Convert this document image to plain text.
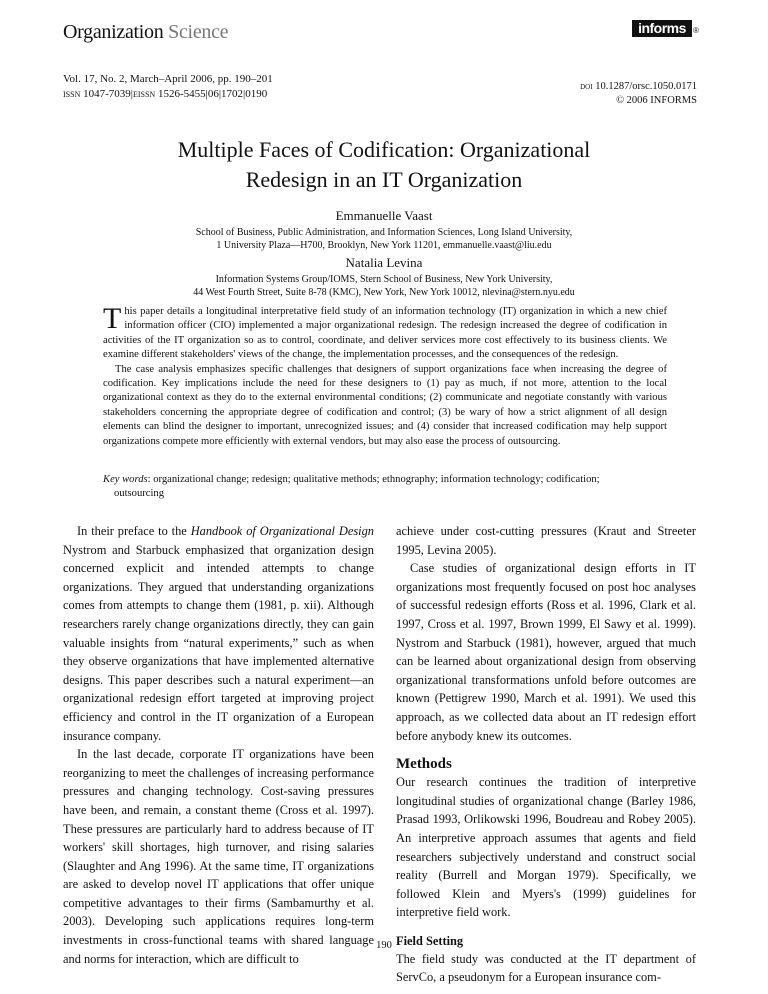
Organization Science
Vol. 17, No. 2, March–April 2006, pp. 190–201
issn 1047-7039|eissn 1526-5455|06|1702|0190
informs ®
doi 10.1287/orsc.1050.0171
© 2006 INFORMS
Multiple Faces of Codification: Organizational
Redesign in an IT Organization
Emmanuelle Vaast
School of Business, Public Administration, and Information Sciences, Long Island University,
1 University Plaza—H700, Brooklyn, New York 11201, emmanuelle.vaast@liu.edu
Natalia Levina
Information Systems Group/IOMS, Stern School of Business, New York University,
44 West Fourth Street, Suite 8-78 (KMC), New York, New York 10012, nlevina@stern.nyu.edu

This paper details a longitudinal interpretative field study of an information technology (IT) organization in which a new chief information officer (CIO) implemented a major organizational redesign. The redesign increased the degree of codification in activities of the IT organization so as to control, coordinate, and deliver services more cost effectively to its business clients. We examine different stakeholders' views of the change, the implementation processes, and the consequences of the redesign.

The case analysis emphasizes specific challenges that designers of support organizations face when increasing the degree of codification. Key implications include the need for these designers to (1) pay as much, if not more, attention to the local organizational context as they do to the external environmental conditions; (2) communicate and negotiate constantly with various stakeholders concerning the appropriate degree of codification and control; (3) be wary of how a strict alignment of all design elements can blind the designer to important, unrecognized issues; and (4) consider that increased codification may help support organizations compete more efficiently with external vendors, but may also ease the process of outsourcing.

Key words: organizational change; redesign; qualitative methods; ethnography; information technology; codification;
outsourcing

In their preface to the Handbook of Organizational Design Nystrom and Starbuck emphasized that organization design concerned explicit and intended attempts to change organizations. They argued that understanding organizations comes from attempts to change them (1981, p. xii). Although researchers rarely change organizations directly, they can gain valuable insights from “natural experiments,” such as when they observe organizations that have implemented alternative designs. This paper describes such a natural experiment—an organizational redesign effort targeted at improving project efficiency and control in the IT organization of a European insurance company.

In the last decade, corporate IT organizations have been reorganizing to meet the challenges of increasing performance pressures and changing technology. Cost-saving pressures have been, and remain, a constant theme (Cross et al. 1997). These pressures are particularly hard to address because of IT workers' skill shortages, high turnover, and rising salaries (Slaughter and Ang 1996). At the same time, IT organizations are asked to develop novel IT applications that offer unique competitive advantages to their firms (Sambamurthy et al. 2003). Developing such applications requires long-term investments in cross-functional teams with shared language and norms for interaction, which are difficult to

achieve under cost-cutting pressures (Kraut and Streeter 1995, Levina 2005).

Case studies of organizational design efforts in IT organizations most frequently focused on post hoc analyses of successful redesign efforts (Ross et al. 1996, Clark et al. 1997, Cross et al. 1997, Brown 1999, El Sawy et al. 1999). Nystrom and Starbuck (1981), however, argued that much can be learned about organizational design from observing organizational transformations unfold before outcomes are known (Pettigrew 1990, March et al. 1991). We used this approach, as we collected data about an IT redesign effort before anybody knew its outcomes.

Methods

Our research continues the tradition of interpretive longitudinal studies of organizational change (Barley 1986, Prasad 1993, Orlikowski 1996, Boudreau and Robey 2005). An interpretive approach assumes that agents and field researchers subjectively understand and construct social reality (Burrell and Morgan 1979). Specifically, we followed Klein and Myers's (1999) guidelines for interpretive field work.

Field Setting

The field study was conducted at the IT department of ServCo, a pseudonym for a European insurance com-

190
